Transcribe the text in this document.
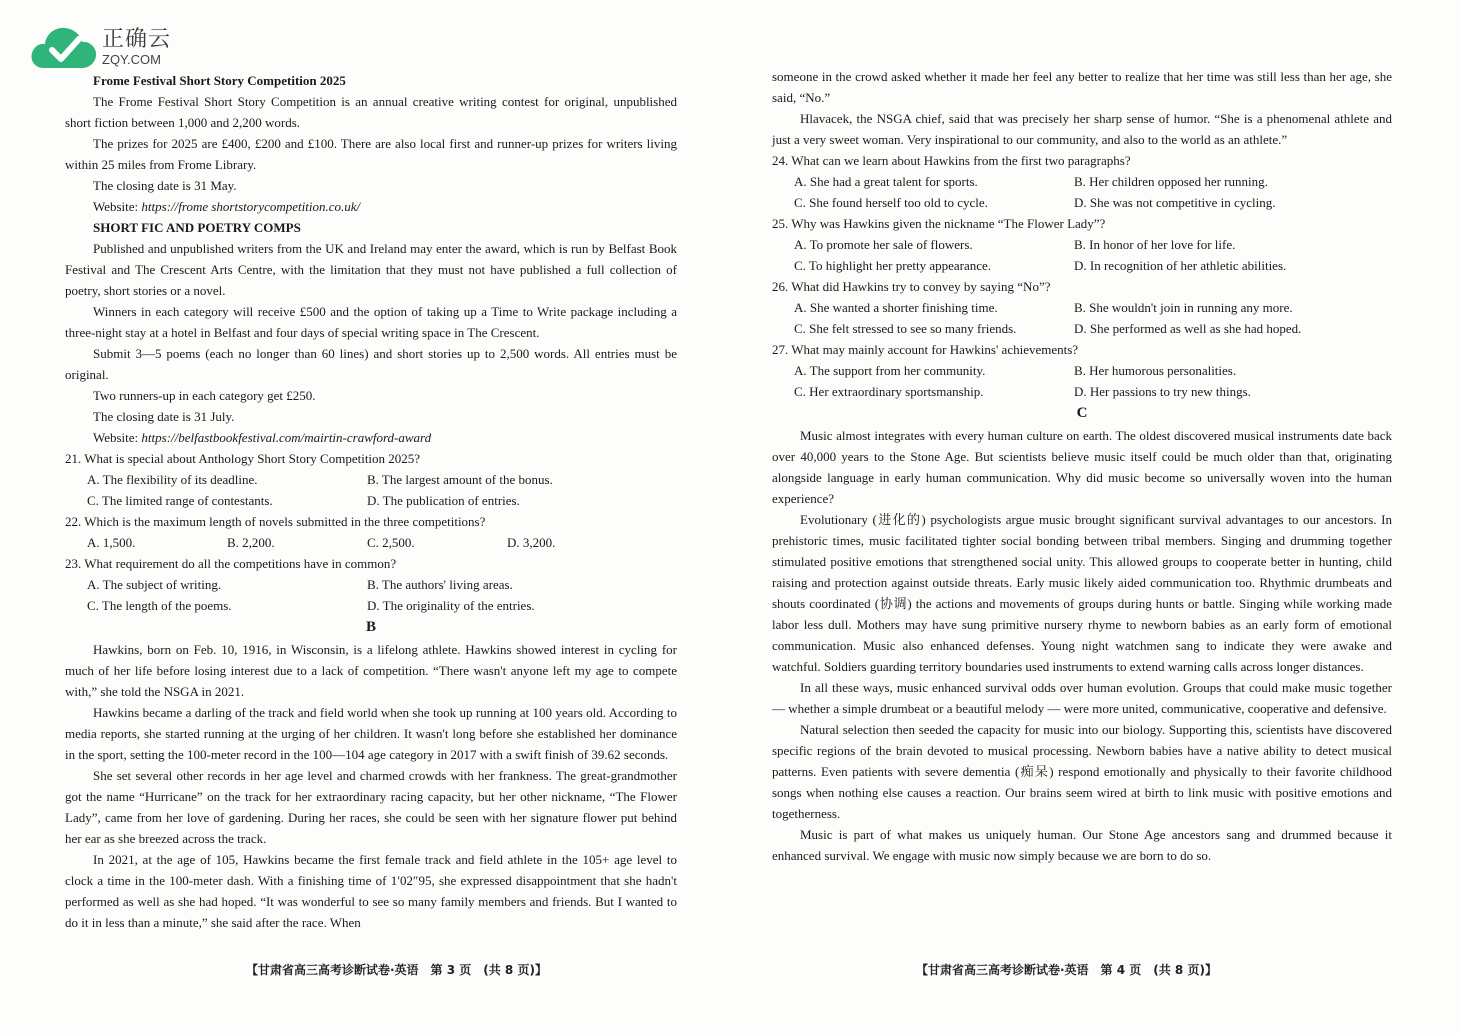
正确云
ZQY.COM
Frome Festival Short Story Competition 2025

The Frome Festival Short Story Competition is an annual creative writing contest for original, unpublished short fiction between 1,000 and 2,200 words.

The prizes for 2025 are £400, £200 and £100. There are also local first and runner-up prizes for writers living within 25 miles from Frome Library.

The closing date is 31 May.

Website: https://frome shortstorycompetition.co.uk/

SHORT FIC AND POETRY COMPS

Published and unpublished writers from the UK and Ireland may enter the award, which is run by Belfast Book Festival and The Crescent Arts Centre, with the limitation that they must not have published a full collection of poetry, short stories or a novel.

Winners in each category will receive £500 and the option of taking up a Time to Write package including a three-night stay at a hotel in Belfast and four days of special writing space in The Crescent.

Submit 3—5 poems (each no longer than 60 lines) and short stories up to 2,500 words. All entries must be original.

Two runners-up in each category get £250.

The closing date is 31 July.

Website: https://belfastbookfestival.com/mairtin-crawford-award

21. What is special about Anthology Short Story Competition 2025?
A. The flexibility of its deadline.	B. The largest amount of the bonus.
C. The limited range of contestants.	D. The publication of entries.
22. Which is the maximum length of novels submitted in the three competitions?
A. 1,500.	B. 2,200.	C. 2,500.	D. 3,200.
23. What requirement do all the competitions have in common?
A. The subject of writing.	B. The authors' living areas.
C. The length of the poems.	D. The originality of the entries.
B

Hawkins, born on Feb. 10, 1916, in Wisconsin, is a lifelong athlete. Hawkins showed interest in cycling for much of her life before losing interest due to a lack of competition. “There wasn't anyone left my age to compete with,” she told the NSGA in 2021.

Hawkins became a darling of the track and field world when she took up running at 100 years old. According to media reports, she started running at the urging of her children. It wasn't long before she established her dominance in the sport, setting the 100-meter record in the 100—104 age category in 2017 with a swift finish of 39.62 seconds.

She set several other records in her age level and charmed crowds with her frankness. The great-grandmother got the name “Hurricane” on the track for her extraordinary racing capacity, but her other nickname, “The Flower Lady”, came from her love of gardening. During her races, she could be seen with her signature flower put behind her ear as she breezed across the track.

In 2021, at the age of 105, Hawkins became the first female track and field athlete in the 105+ age level to clock a time in the 100-meter dash. With a finishing time of 1′02″95, she expressed disappointment that she hadn't performed as well as she had hoped. “It was wonderful to see so many family members and friends. But I wanted to do it in less than a minute,” she said after the race. When

someone in the crowd asked whether it made her feel any better to realize that her time was still less than her age, she said, “No.”

Hlavacek, the NSGA chief, said that was precisely her sharp sense of humor. “She is a phenomenal athlete and just a very sweet woman. Very inspirational to our community, and also to the world as an athlete.”

24. What can we learn about Hawkins from the first two paragraphs?
A. She had a great talent for sports.	B. Her children opposed her running.
C. She found herself too old to cycle.	D. She was not competitive in cycling.
25. Why was Hawkins given the nickname “The Flower Lady”?
A. To promote her sale of flowers.	B. In honor of her love for life.
C. To highlight her pretty appearance.	D. In recognition of her athletic abilities.
26. What did Hawkins try to convey by saying “No”?
A. She wanted a shorter finishing time.	B. She wouldn't join in running any more.
C. She felt stressed to see so many friends.	D. She performed as well as she had hoped.
27. What may mainly account for Hawkins' achievements?
A. The support from her community.	B. Her humorous personalities.
C. Her extraordinary sportsmanship.	D. Her passions to try new things.
C

Music almost integrates with every human culture on earth. The oldest discovered musical instruments date back over 40,000 years to the Stone Age. But scientists believe music itself could be much older than that, originating alongside language in early human communication. Why did music become so universally woven into the human experience?

Evolutionary (进化的) psychologists argue music brought significant survival advantages to our ancestors. In prehistoric times, music facilitated tighter social bonding between tribal members. Singing and drumming together stimulated positive emotions that strengthened social unity. This allowed groups to cooperate better in hunting, child raising and protection against outside threats. Early music likely aided communication too. Rhythmic drumbeats and shouts coordinated (协调) the actions and movements of groups during hunts or battle. Singing while working made labor less dull. Mothers may have sung primitive nursery rhyme to newborn babies as an early form of emotional communication. Music also enhanced defenses. Young night watchmen sang to indicate they were awake and watchful. Soldiers guarding territory boundaries used instruments to extend warning calls across longer distances.

In all these ways, music enhanced survival odds over human evolution. Groups that could make music together — whether a simple drumbeat or a beautiful melody — were more united, communicative, cooperative and defensive.

Natural selection then seeded the capacity for music into our biology. Supporting this, scientists have discovered specific regions of the brain devoted to musical processing. Newborn babies have a native ability to detect musical patterns. Even patients with severe dementia (痴呆) respond emotionally and physically to their favorite childhood songs when nothing else causes a reaction. Our brains seem wired at birth to link music with positive emotions and togetherness.

Music is part of what makes us uniquely human. Our Stone Age ancestors sang and drummed because it enhanced survival. We engage with music now simply because we are born to do so.

【甘肃省高三高考诊断试卷·英语　第 3 页　(共 8 页)】	【甘肃省高三高考诊断试卷·英语　第 4 页　(共 8 页)】
